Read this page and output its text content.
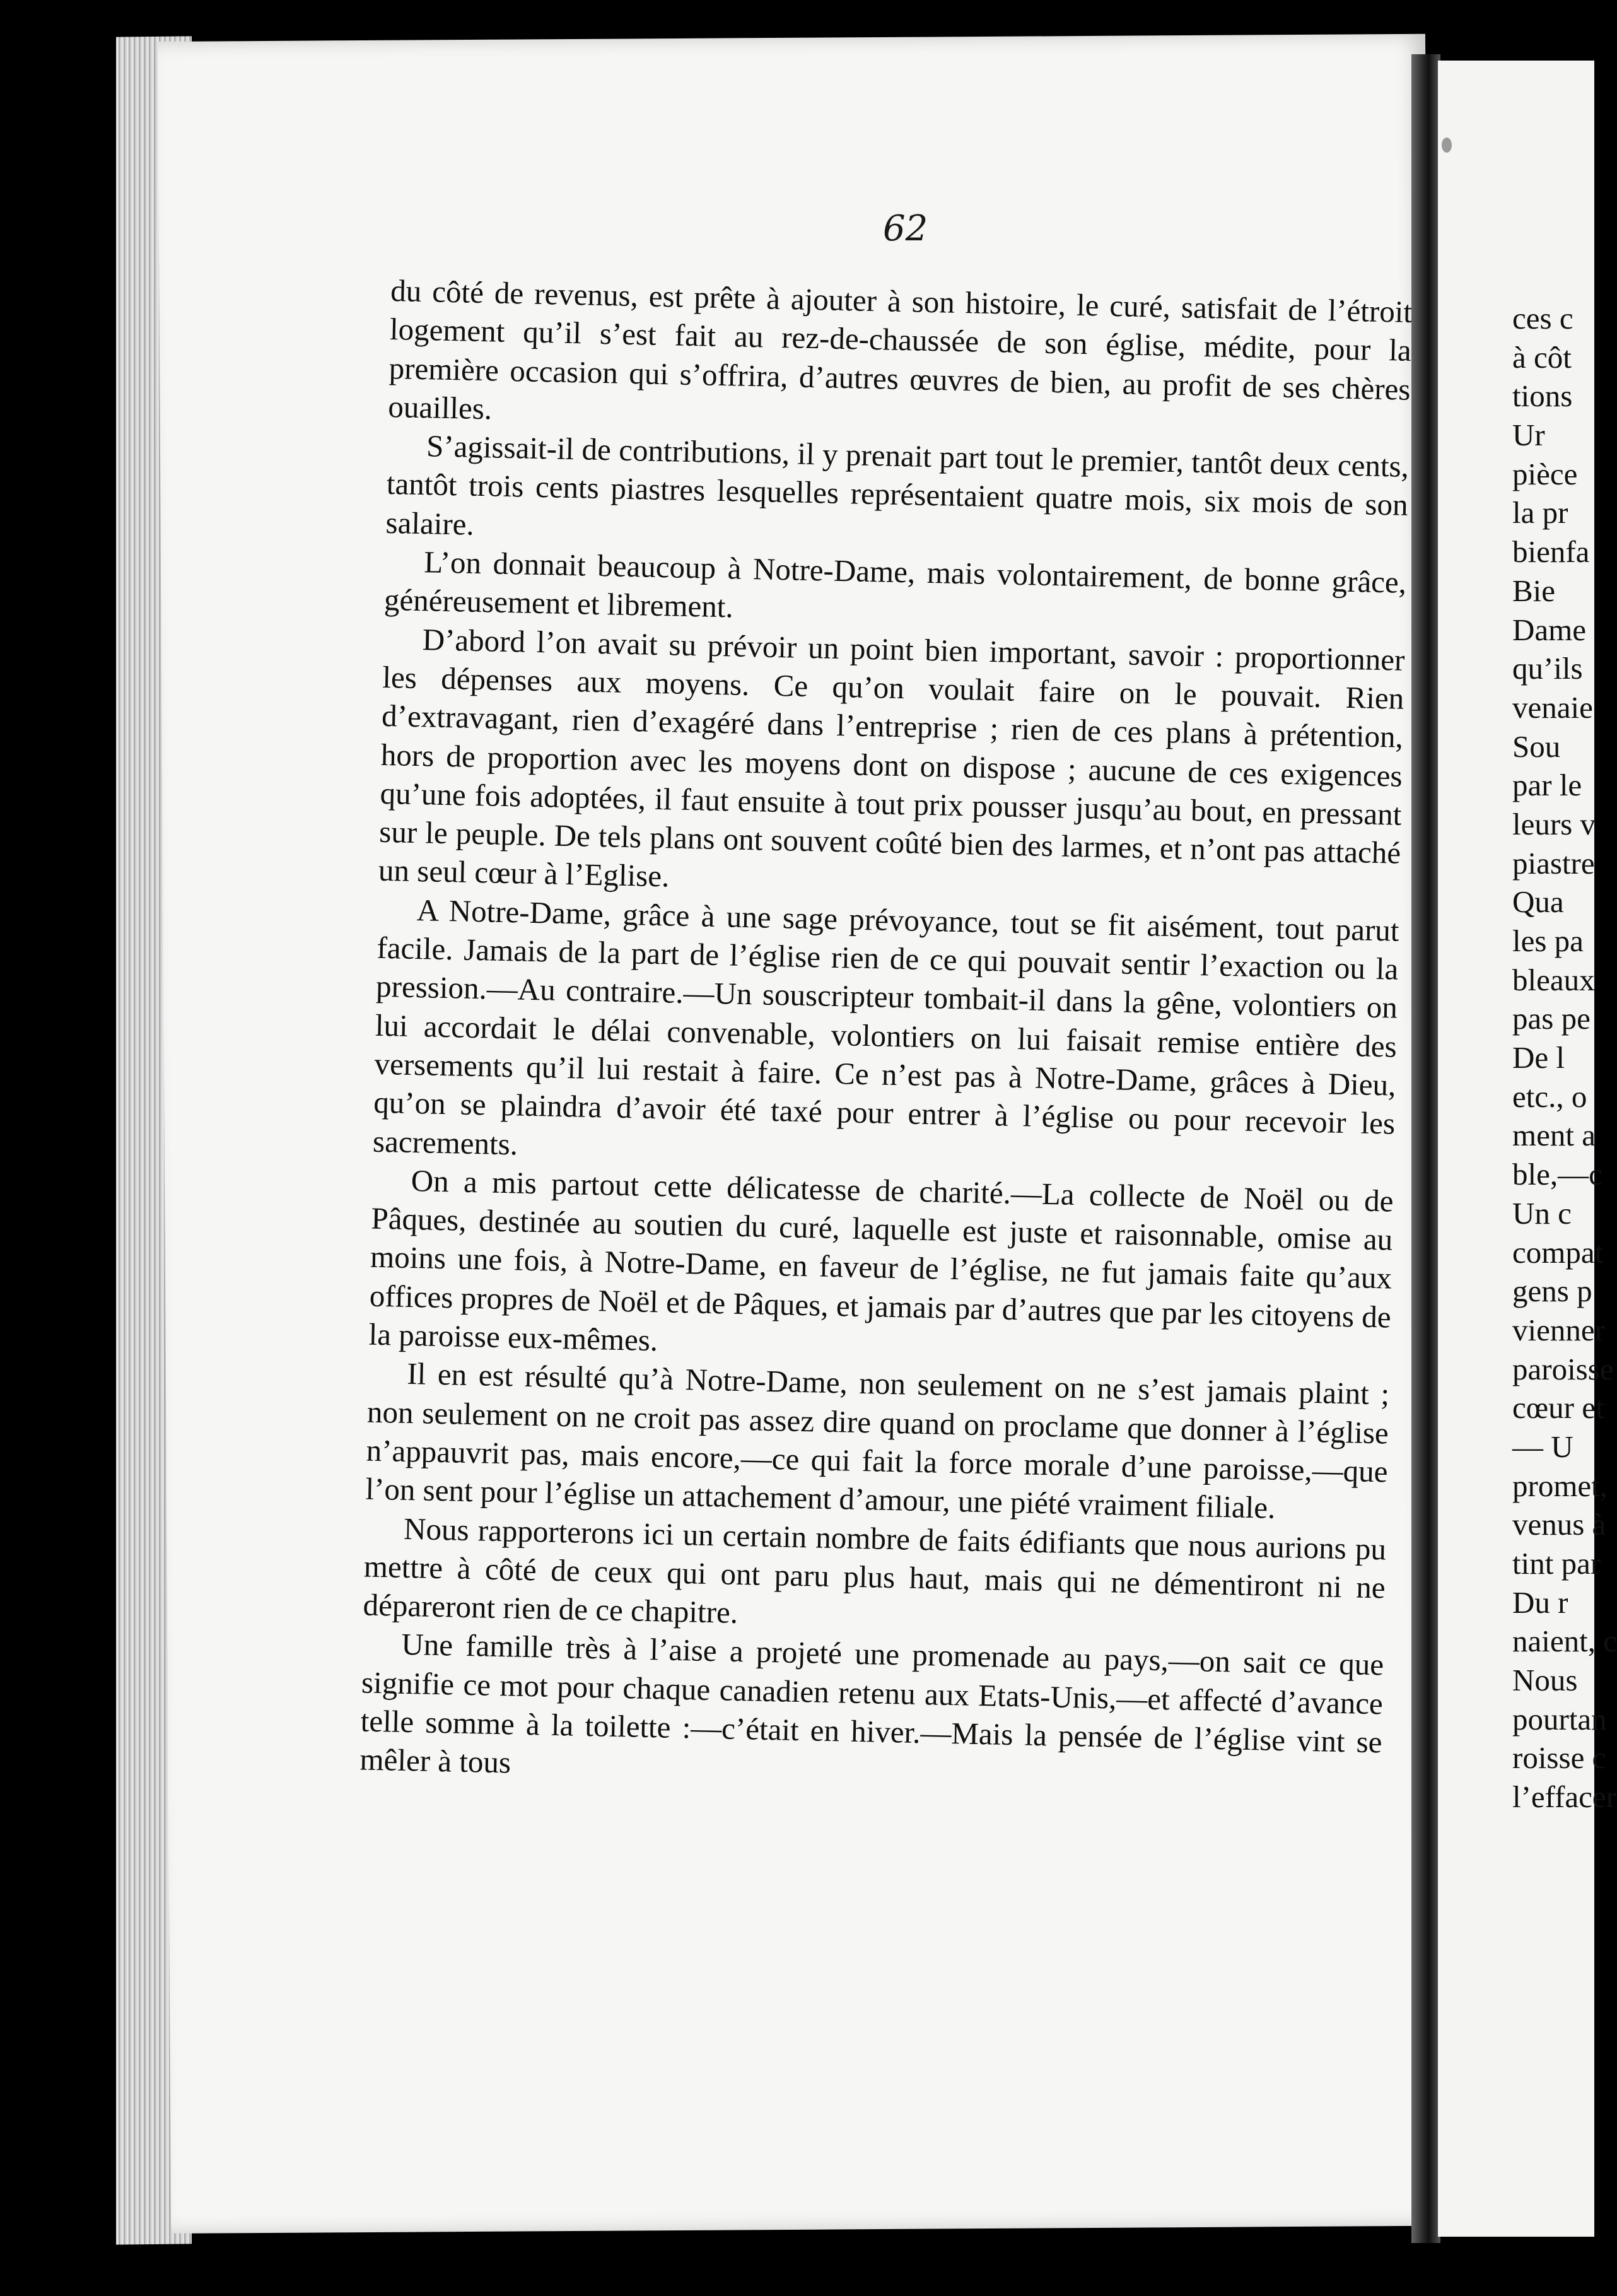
62

du côté de revenus, est prête à ajouter à son histoire, le curé, satisfait de l’étroit logement qu’il s’est fait au rez-de-chaussée de son église, médite, pour la première occasion qui s’offrira, d’autres œuvres de bien, au profit de ses chères ouailles.

S’agissait-il de contributions, il y prenait part tout le premier, tantôt deux cents, tantôt trois cents piastres lesquelles représentaient quatre mois, six mois de son salaire.

L’on donnait beaucoup à Notre-Dame, mais volontairement, de bonne grâce, généreusement et librement.

D’abord l’on avait su prévoir un point bien important, savoir : proportionner les dépenses aux moyens. Ce qu’on voulait faire on le pouvait. Rien d’extravagant, rien d’exagéré dans l’entreprise ; rien de ces plans à prétention, hors de proportion avec les moyens dont on dispose ; aucune de ces exigences qu’une fois adoptées, il faut ensuite à tout prix pousser jusqu’au bout, en pressant sur le peuple. De tels plans ont souvent coûté bien des larmes, et n’ont pas attaché un seul cœur à l’Eglise.

A Notre-Dame, grâce à une sage prévoyance, tout se fit aisément, tout parut facile. Jamais de la part de l’église rien de ce qui pouvait sentir l’exaction ou la pression.—Au contraire.—Un souscripteur tombait-il dans la gêne, volontiers on lui accordait le délai convenable, volontiers on lui faisait remise entière des versements qu’il lui restait à faire. Ce n’est pas à Notre-Dame, grâces à Dieu, qu’on se plaindra d’avoir été taxé pour entrer à l’église ou pour recevoir les sacrements.

On a mis partout cette délicatesse de charité.—La collecte de Noël ou de Pâques, destinée au soutien du curé, laquelle est juste et raisonnable, omise au moins une fois, à Notre-Dame, en faveur de l’église, ne fut jamais faite qu’aux offices propres de Noël et de Pâques, et jamais par d’autres que par les citoyens de la paroisse eux-mêmes.

Il en est résulté qu’à Notre-Dame, non seulement on ne s’est jamais plaint ; non seulement on ne croit pas assez dire quand on proclame que donner à l’église n’appauvrit pas, mais encore,—ce qui fait la force morale d’une paroisse,—que l’on sent pour l’église un attachement d’amour, une piété vraiment filiale.

Nous rapporterons ici un certain nombre de faits édifiants que nous aurions pu mettre à côté de ceux qui ont paru plus haut, mais qui ne démentiront ni ne dépareront rien de ce chapitre.

Une famille très à l’aise a projeté une promenade au pays,—on sait ce que signifie ce mot pour chaque canadien retenu aux Etats-Unis,—et affecté d’avance telle somme à la toilette :—c’était en hiver.—Mais la pensée de l’église vint se mêler à tous

ces c
à côt
tions
Ur
pièce
la pr
bienfa
Bie
Dame
qu’ils
venaie
Sou
par le
leurs v
piastre
Qua
les pa
bleaux
pas pe
De l
etc., o
ment a
ble,—c
Un c
compat
gens p
vienner
paroisse
cœur et
— U
promet,
venus à
tint par
Du r
naient, c
Nous
pourtan
roisse c
l’effacer
